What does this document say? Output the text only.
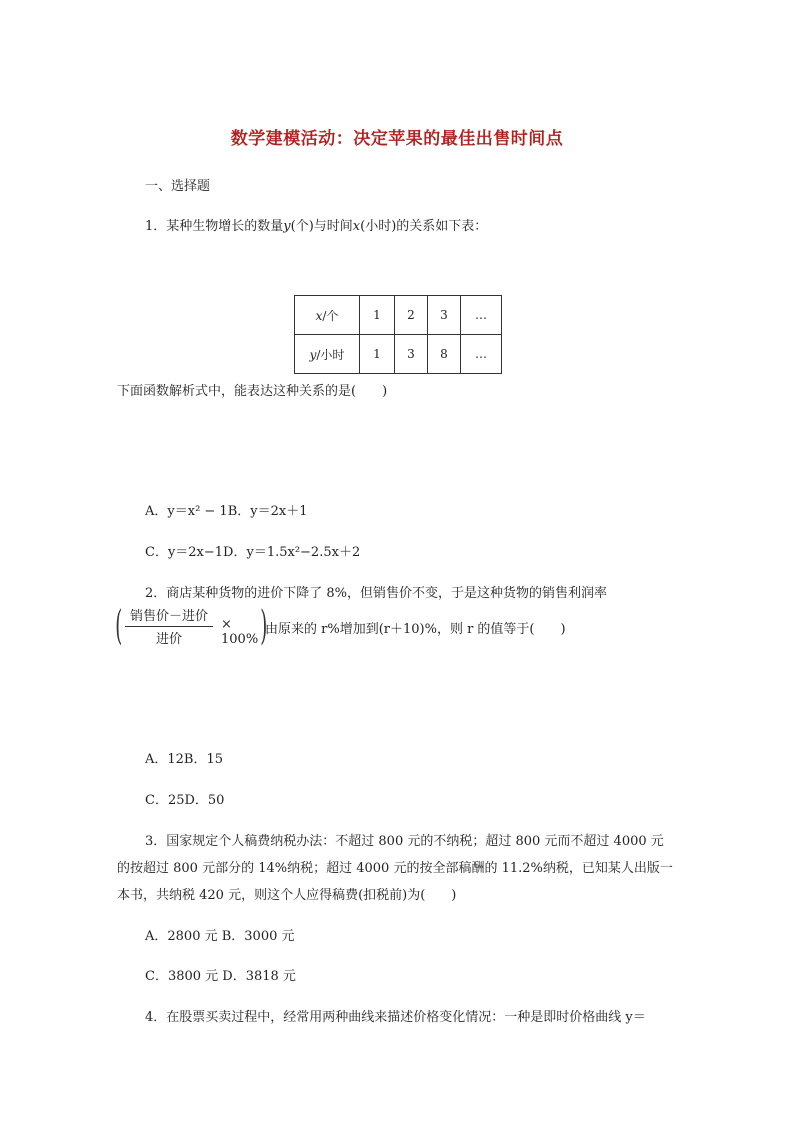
数学建模活动：决定苹果的最佳出售时间点
一、选择题
1．某种生物增长的数量y(个)与时间x(小时)的关系如下表：
x/个	1	2	3	…
y/小时	1	3	8	…
下面函数解析式中，能表达这种关系的是(　　)
A．y＝x² − 1B．y＝2x＋1
C．y＝2x−1D．y＝1.5x²−2.5x＋2
2．商店某种货物的进价下降了 8%，但销售价不变，于是这种货物的销售利润率
( 销售价－进价
进价
× 100% )
由原来的 r%增加到(r＋10)%，则 r 的值等于(　　)
A．12B．15
C．25D．50
3．国家规定个人稿费纳税办法：不超过 800 元的不纳税；超过 800 元而不超过 4000 元
的按超过 800 元部分的 14%纳税；超过 4000 元的按全部稿酬的 11.2%纳税，已知某人出版一
本书，共纳税 420 元，则这个人应得稿费(扣税前)为(　　)
A．2800 元 B．3000 元
C．3800 元 D．3818 元
4．在股票买卖过程中，经常用两种曲线来描述价格变化情况：一种是即时价格曲线 y＝
